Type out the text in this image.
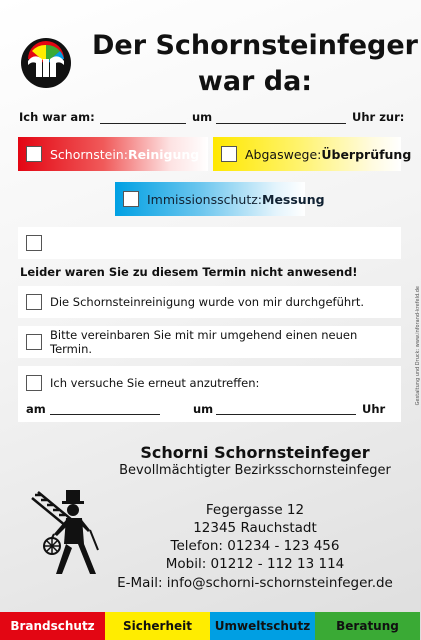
Der Schornsteinfeger
war da:
Ich war am:	um	Uhr zur:
Schornstein: Reinigung	Abgaswege: Überprüfung
Immissionsschutz: Messung
Leider waren Sie zu diesem Termin nicht anwesend!
Die Schornsteinreinigung wurde von mir durchgeführt.
Bitte vereinbaren Sie mit mir umgehend einen neuen Termin.
Ich versuche Sie erneut anzutreffen:
am	um	Uhr
Gestaltung und Druck: www.inforand-krefeld.de
Schorni Schornsteinfeger
Bevollmächtigter Bezirksschornsteinfeger
Fegergasse 12
12345 Rauchstadt
Telefon: 01234 - 123 456
Mobil: 01212 - 112 13 114
E-Mail: info@schorni-schornsteinfeger.de
Brandschutz	Sicherheit	Umweltschutz	Beratung
